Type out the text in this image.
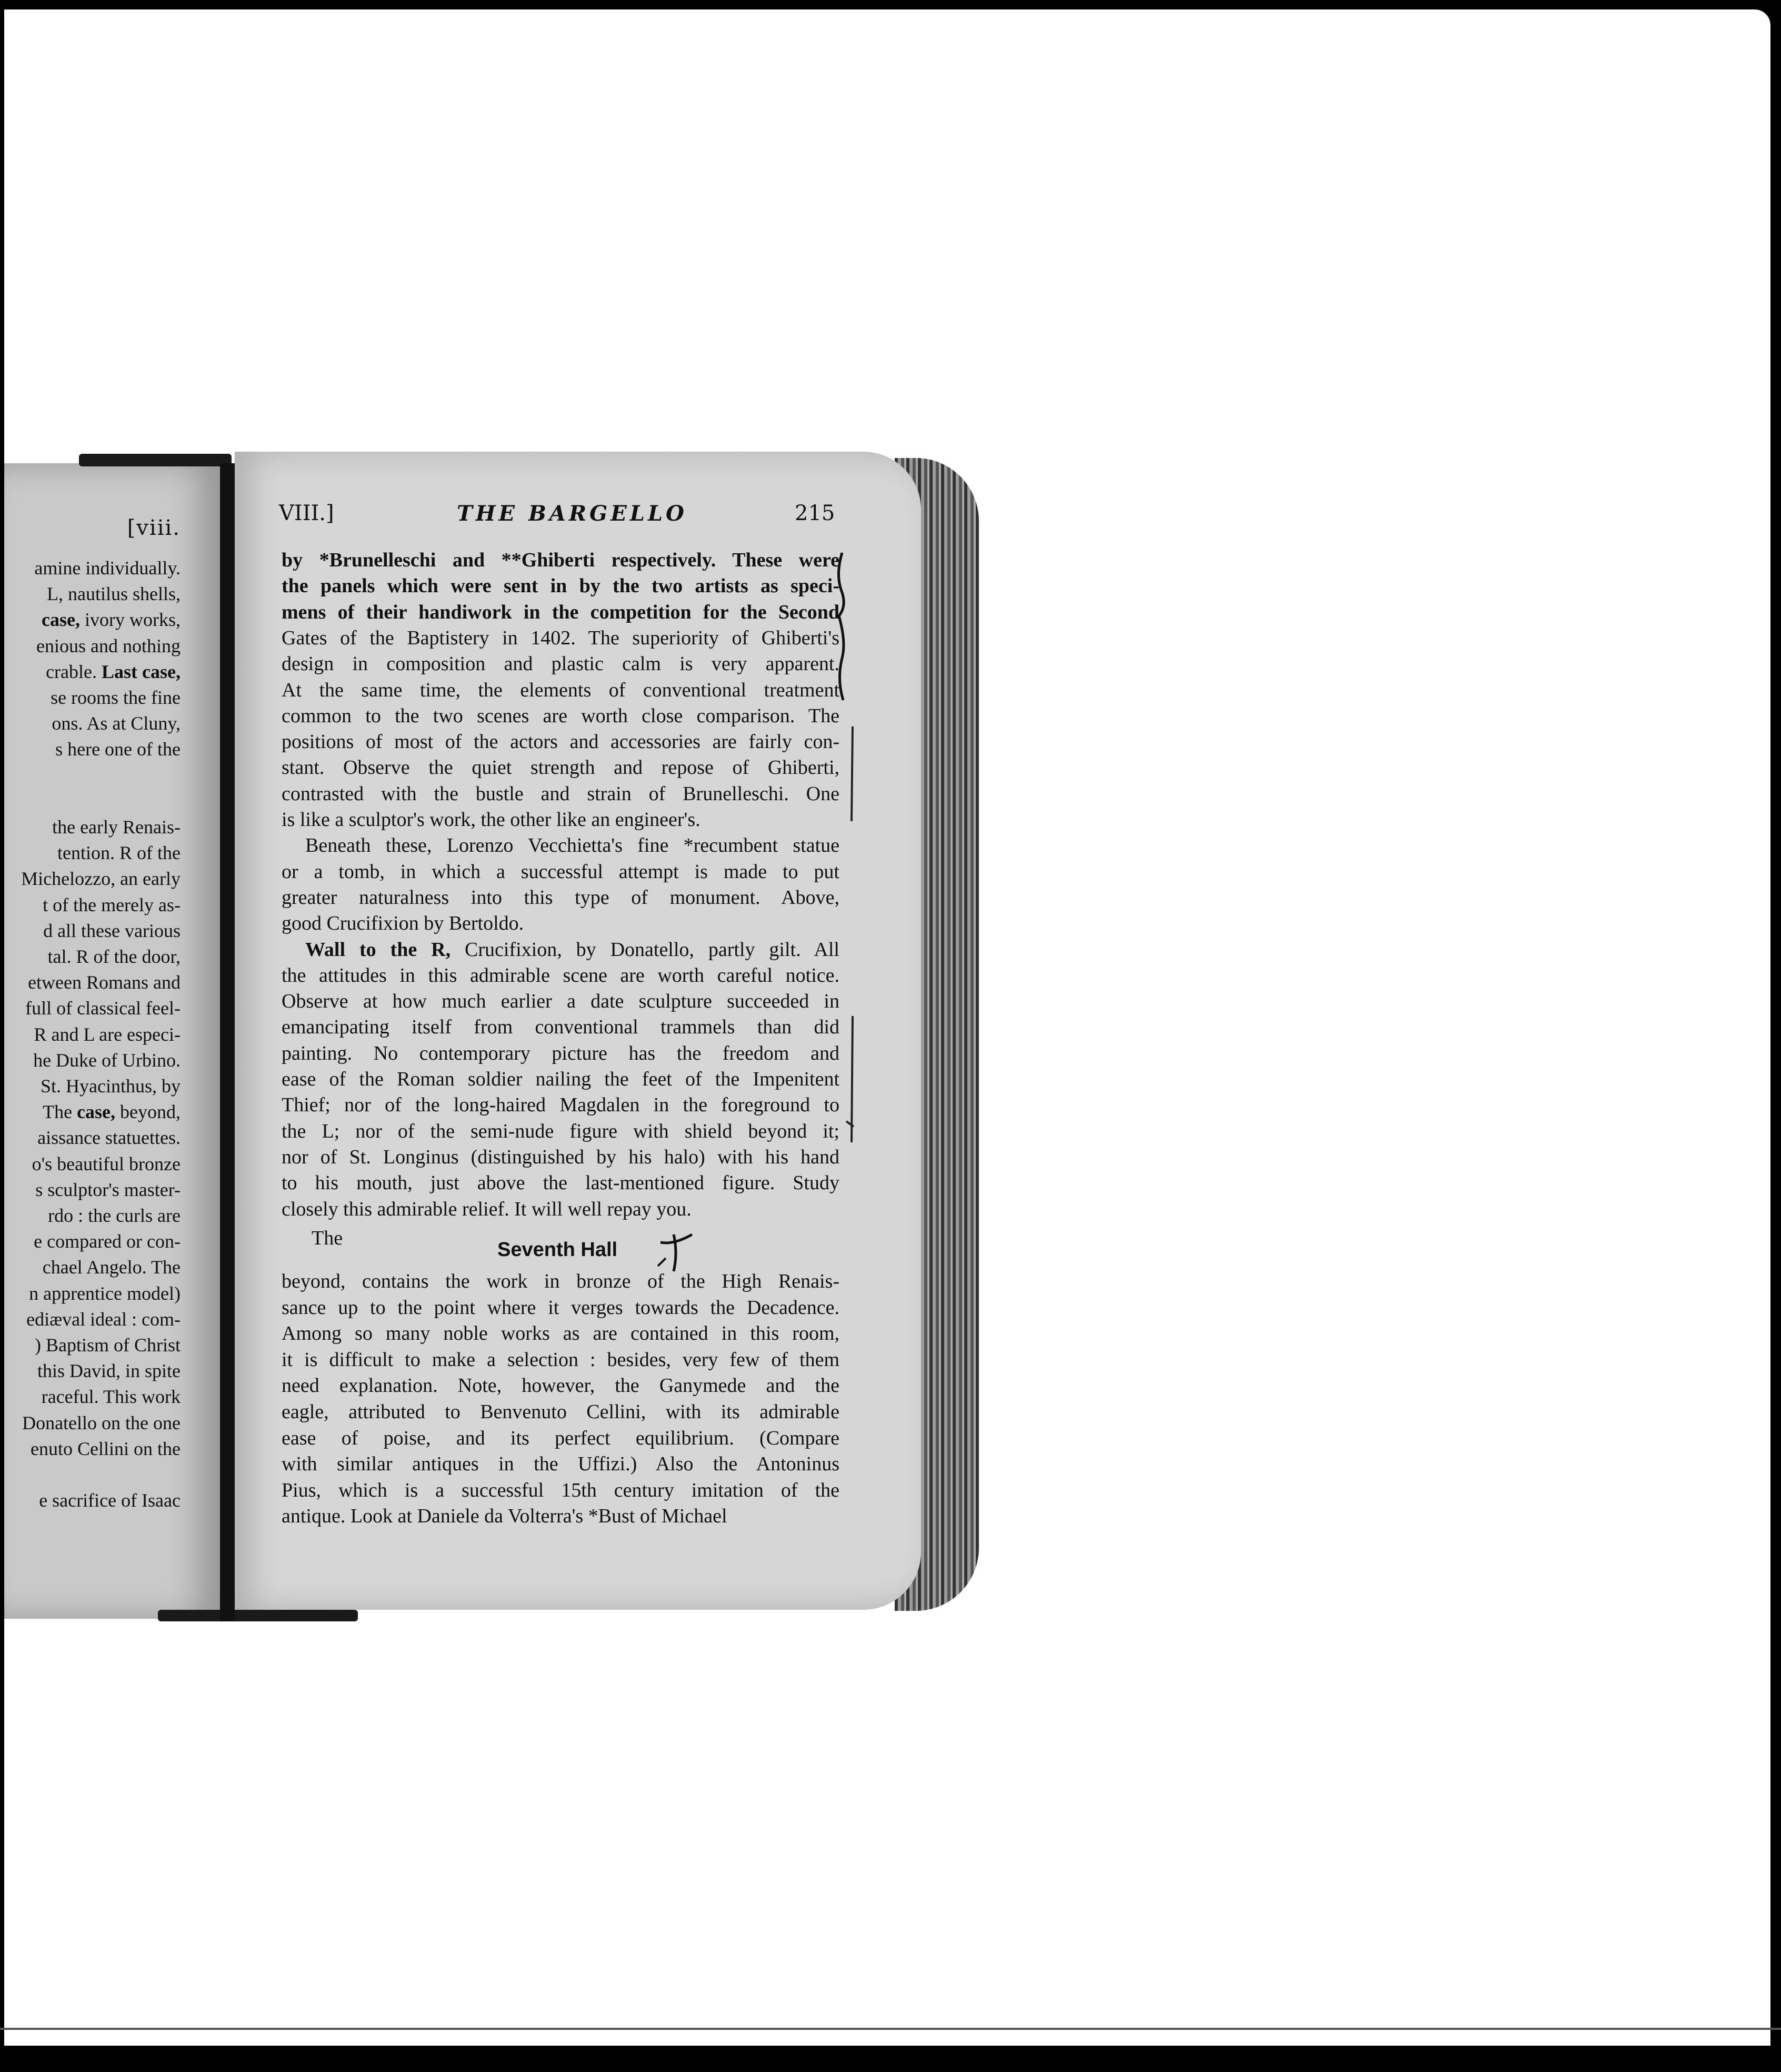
[viii.

amine individually.

L, nautilus shells,

case, ivory works,

enious and nothing

crable. Last case,

se rooms the fine

ons. As at Cluny,

s here one of the

the early Renais-

tention. R of the

Michelozzo, an early

t of the merely as-

d all these various

tal. R of the door,

etween Romans and

full of classical feel-

R and L are especi-

he Duke of Urbino.

St. Hyacinthus, by

The case, beyond,

aissance statuettes.

o's beautiful bronze

s sculptor's master-

rdo : the curls are

e compared or con-

chael Angelo. The

n apprentice model)

ediæval ideal : com-

) Baptism of Christ

this David, in spite

raceful. This work

Donatello on the one

enuto Cellini on the

e sacrifice of Isaac

VIII.]	THE BARGELLO	215

by *Brunelleschi and **Ghiberti respectively. These were

the panels which were sent in by the two artists as speci-

mens of their handiwork in the competition for the Second

Gates of the Baptistery in 1402. The superiority of Ghiberti's

design in composition and plastic calm is very apparent.

At the same time, the elements of conventional treatment

common to the two scenes are worth close comparison. The

positions of most of the actors and accessories are fairly con-

stant. Observe the quiet strength and repose of Ghiberti,

contrasted with the bustle and strain of Brunelleschi. One

is like a sculptor's work, the other like an engineer's.

Beneath these, Lorenzo Vecchietta's fine *recumbent statue

or a tomb, in which a successful attempt is made to put

greater naturalness into this type of monument. Above,

good Crucifixion by Bertoldo.

Wall to the R, Crucifixion, by Donatello, partly gilt. All

the attitudes in this admirable scene are worth careful notice.

Observe at how much earlier a date sculpture succeeded in

emancipating itself from conventional trammels than did

painting. No contemporary picture has the freedom and

ease of the Roman soldier nailing the feet of the Impenitent

Thief; nor of the long-haired Magdalen in the foreground to

the L; nor of the semi-nude figure with shield beyond it;

nor of St. Longinus (distinguished by his halo) with his hand

to his mouth, just above the last-mentioned figure. Study

closely this admirable relief. It will well repay you.

beyond, contains the work in bronze of the High Renais-

sance up to the point where it verges towards the Decadence.

Among so many noble works as are contained in this room,

it is difficult to make a selection : besides, very few of them

need explanation. Note, however, the Ganymede and the

eagle, attributed to Benvenuto Cellini, with its admirable

ease of poise, and its perfect equilibrium. (Compare

with similar antiques in the Uffizi.) Also the Antoninus

Pius, which is a successful 15th century imitation of the

antique. Look at Daniele da Volterra's *Bust of Michael

The

Seventh Hall
